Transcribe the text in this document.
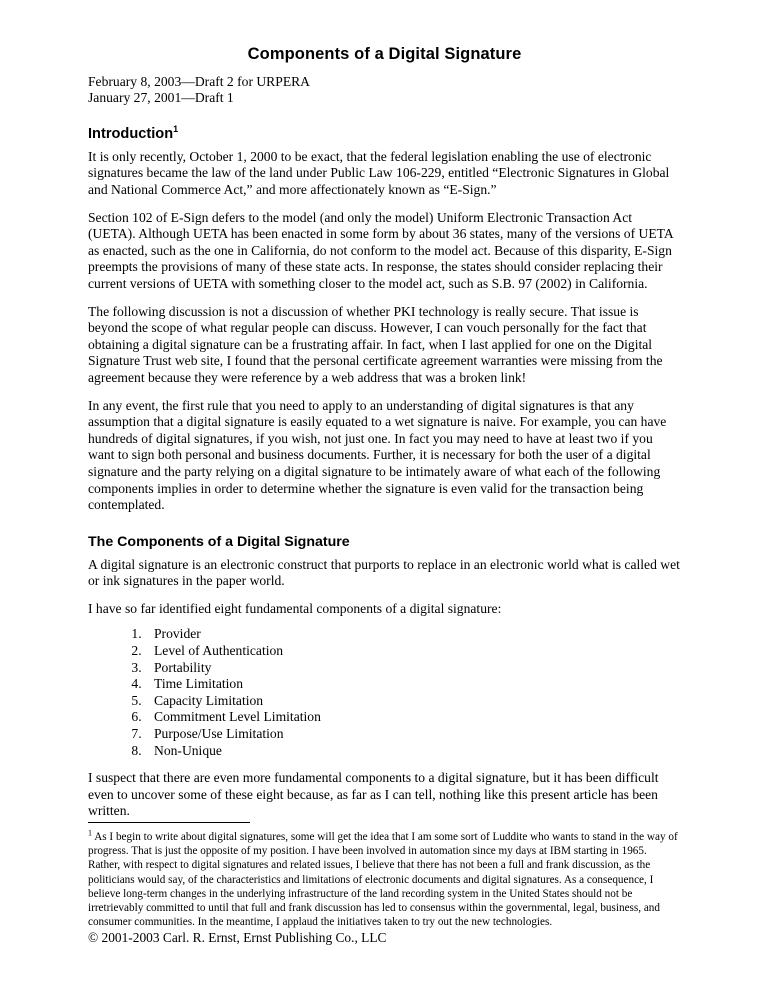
Components of a Digital Signature
February 8, 2003—Draft 2 for URPERA
January 27, 2001—Draft 1
Introduction$^1$

It is only recently, October 1, 2000 to be exact, that the federal legislation enabling the use of electronic signatures became the law of the land under Public Law 106-229, entitled “Electronic Signatures in Global and National Commerce Act,” and more affectionately known as “E-Sign.”

Section 102 of E-Sign defers to the model (and only the model) Uniform Electronic Transaction Act (UETA). Although UETA has been enacted in some form by about 36 states, many of the versions of UETA as enacted, such as the one in California, do not conform to the model act. Because of this disparity, E-Sign preempts the provisions of many of these state acts. In response, the states should consider replacing their current versions of UETA with something closer to the model act, such as S.B. 97 (2002) in California.

The following discussion is not a discussion of whether PKI technology is really secure. That issue is beyond the scope of what regular people can discuss. However, I can vouch personally for the fact that obtaining a digital signature can be a frustrating affair. In fact, when I last applied for one on the Digital Signature Trust web site, I found that the personal certificate agreement warranties were missing from the agreement because they were reference by a web address that was a broken link!

In any event, the first rule that you need to apply to an understanding of digital signatures is that any assumption that a digital signature is easily equated to a wet signature is naive. For example, you can have hundreds of digital signatures, if you wish, not just one. In fact you may need to have at least two if you want to sign both personal and business documents. Further, it is necessary for both the user of a digital signature and the party relying on a digital signature to be intimately aware of what each of the following components implies in order to determine whether the signature is even valid for the transaction being contemplated.

The Components of a Digital Signature

A digital signature is an electronic construct that purports to replace in an electronic world what is called wet or ink signatures in the paper world.

I have so far identified eight fundamental components of a digital signature:

1. Provider
2. Level of Authentication
3. Portability
4. Time Limitation
5. Capacity Limitation
6. Commitment Level Limitation
7. Purpose/Use Limitation
8. Non-Unique

I suspect that there are even more fundamental components to a digital signature, but it has been difficult even to uncover some of these eight because, as far as I can tell, nothing like this present article has been written.

$^1$ As I begin to write about digital signatures, some will get the idea that I am some sort of Luddite who wants to stand in the way of progress. That is just the opposite of my position. I have been involved in automation since my days at IBM starting in 1965. Rather, with respect to digital signatures and related issues, I believe that there has not been a full and frank discussion, as the politicians would say, of the characteristics and limitations of electronic documents and digital signatures. As a consequence, I believe long-term changes in the underlying infrastructure of the land recording system in the United States should not be irretrievably committed to until that full and frank discussion has led to consensus within the governmental, legal, business, and consumer communities. In the meantime, I applaud the initiatives taken to try out the new technologies.

© 2001-2003 Carl. R. Ernst, Ernst Publishing Co., LLC
